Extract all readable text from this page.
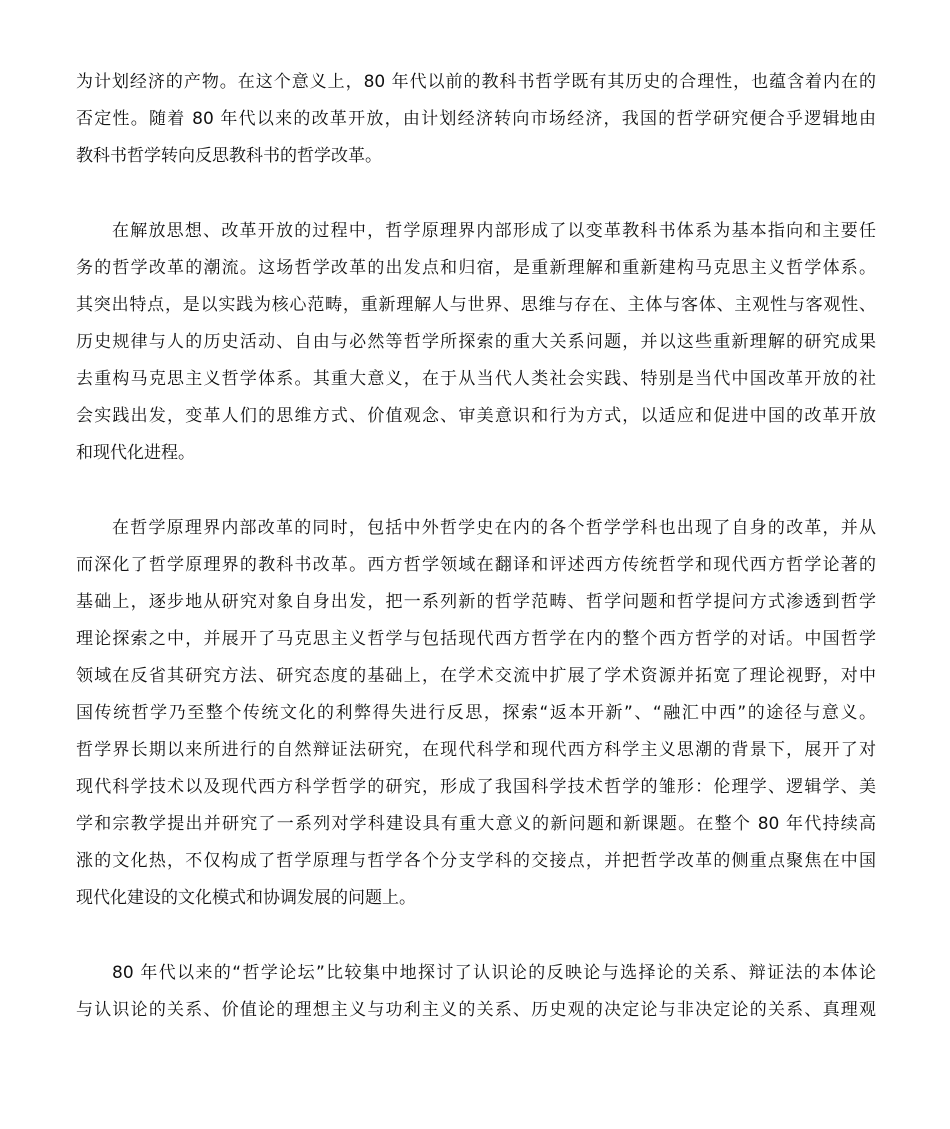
为计划经济的产物。在这个意义上，80 年代以前的教科书哲学既有其历史的合理性，也蕴含着内在的
否定性。随着 80 年代以来的改革开放，由计划经济转向市场经济，我国的哲学研究便合乎逻辑地由
教科书哲学转向反思教科书的哲学改革。
在解放思想、改革开放的过程中，哲学原理界内部形成了以变革教科书体系为基本指向和主要任
务的哲学改革的潮流。这场哲学改革的出发点和归宿，是重新理解和重新建构马克思主义哲学体系。
其突出特点，是以实践为核心范畴，重新理解人与世界、思维与存在、主体与客体、主观性与客观性、
历史规律与人的历史活动、自由与必然等哲学所探索的重大关系问题，并以这些重新理解的研究成果
去重构马克思主义哲学体系。其重大意义，在于从当代人类社会实践、特别是当代中国改革开放的社
会实践出发，变革人们的思维方式、价值观念、审美意识和行为方式，以适应和促进中国的改革开放
和现代化进程。
在哲学原理界内部改革的同时，包括中外哲学史在内的各个哲学学科也出现了自身的改革，并从
而深化了哲学原理界的教科书改革。西方哲学领域在翻译和评述西方传统哲学和现代西方哲学论著的
基础上，逐步地从研究对象自身出发，把一系列新的哲学范畴、哲学问题和哲学提问方式渗透到哲学
理论探索之中，并展开了马克思主义哲学与包括现代西方哲学在内的整个西方哲学的对话。中国哲学
领域在反省其研究方法、研究态度的基础上，在学术交流中扩展了学术资源并拓宽了理论视野，对中
国传统哲学乃至整个传统文化的利弊得失进行反思，探索“返本开新”、“融汇中西”的途径与意义。
哲学界长期以来所进行的自然辩证法研究，在现代科学和现代西方科学主义思潮的背景下，展开了对
现代科学技术以及现代西方科学哲学的研究，形成了我国科学技术哲学的雏形：伦理学、逻辑学、美
学和宗教学提出并研究了一系列对学科建设具有重大意义的新问题和新课题。在整个 80 年代持续高
涨的文化热，不仅构成了哲学原理与哲学各个分支学科的交接点，并把哲学改革的侧重点聚焦在中国
现代化建设的文化模式和协调发展的问题上。
80 年代以来的“哲学论坛”比较集中地探讨了认识论的反映论与选择论的关系、辩证法的本体论
与认识论的关系、价值论的理想主义与功利主义的关系、历史观的决定论与非决定论的关系、真理观
